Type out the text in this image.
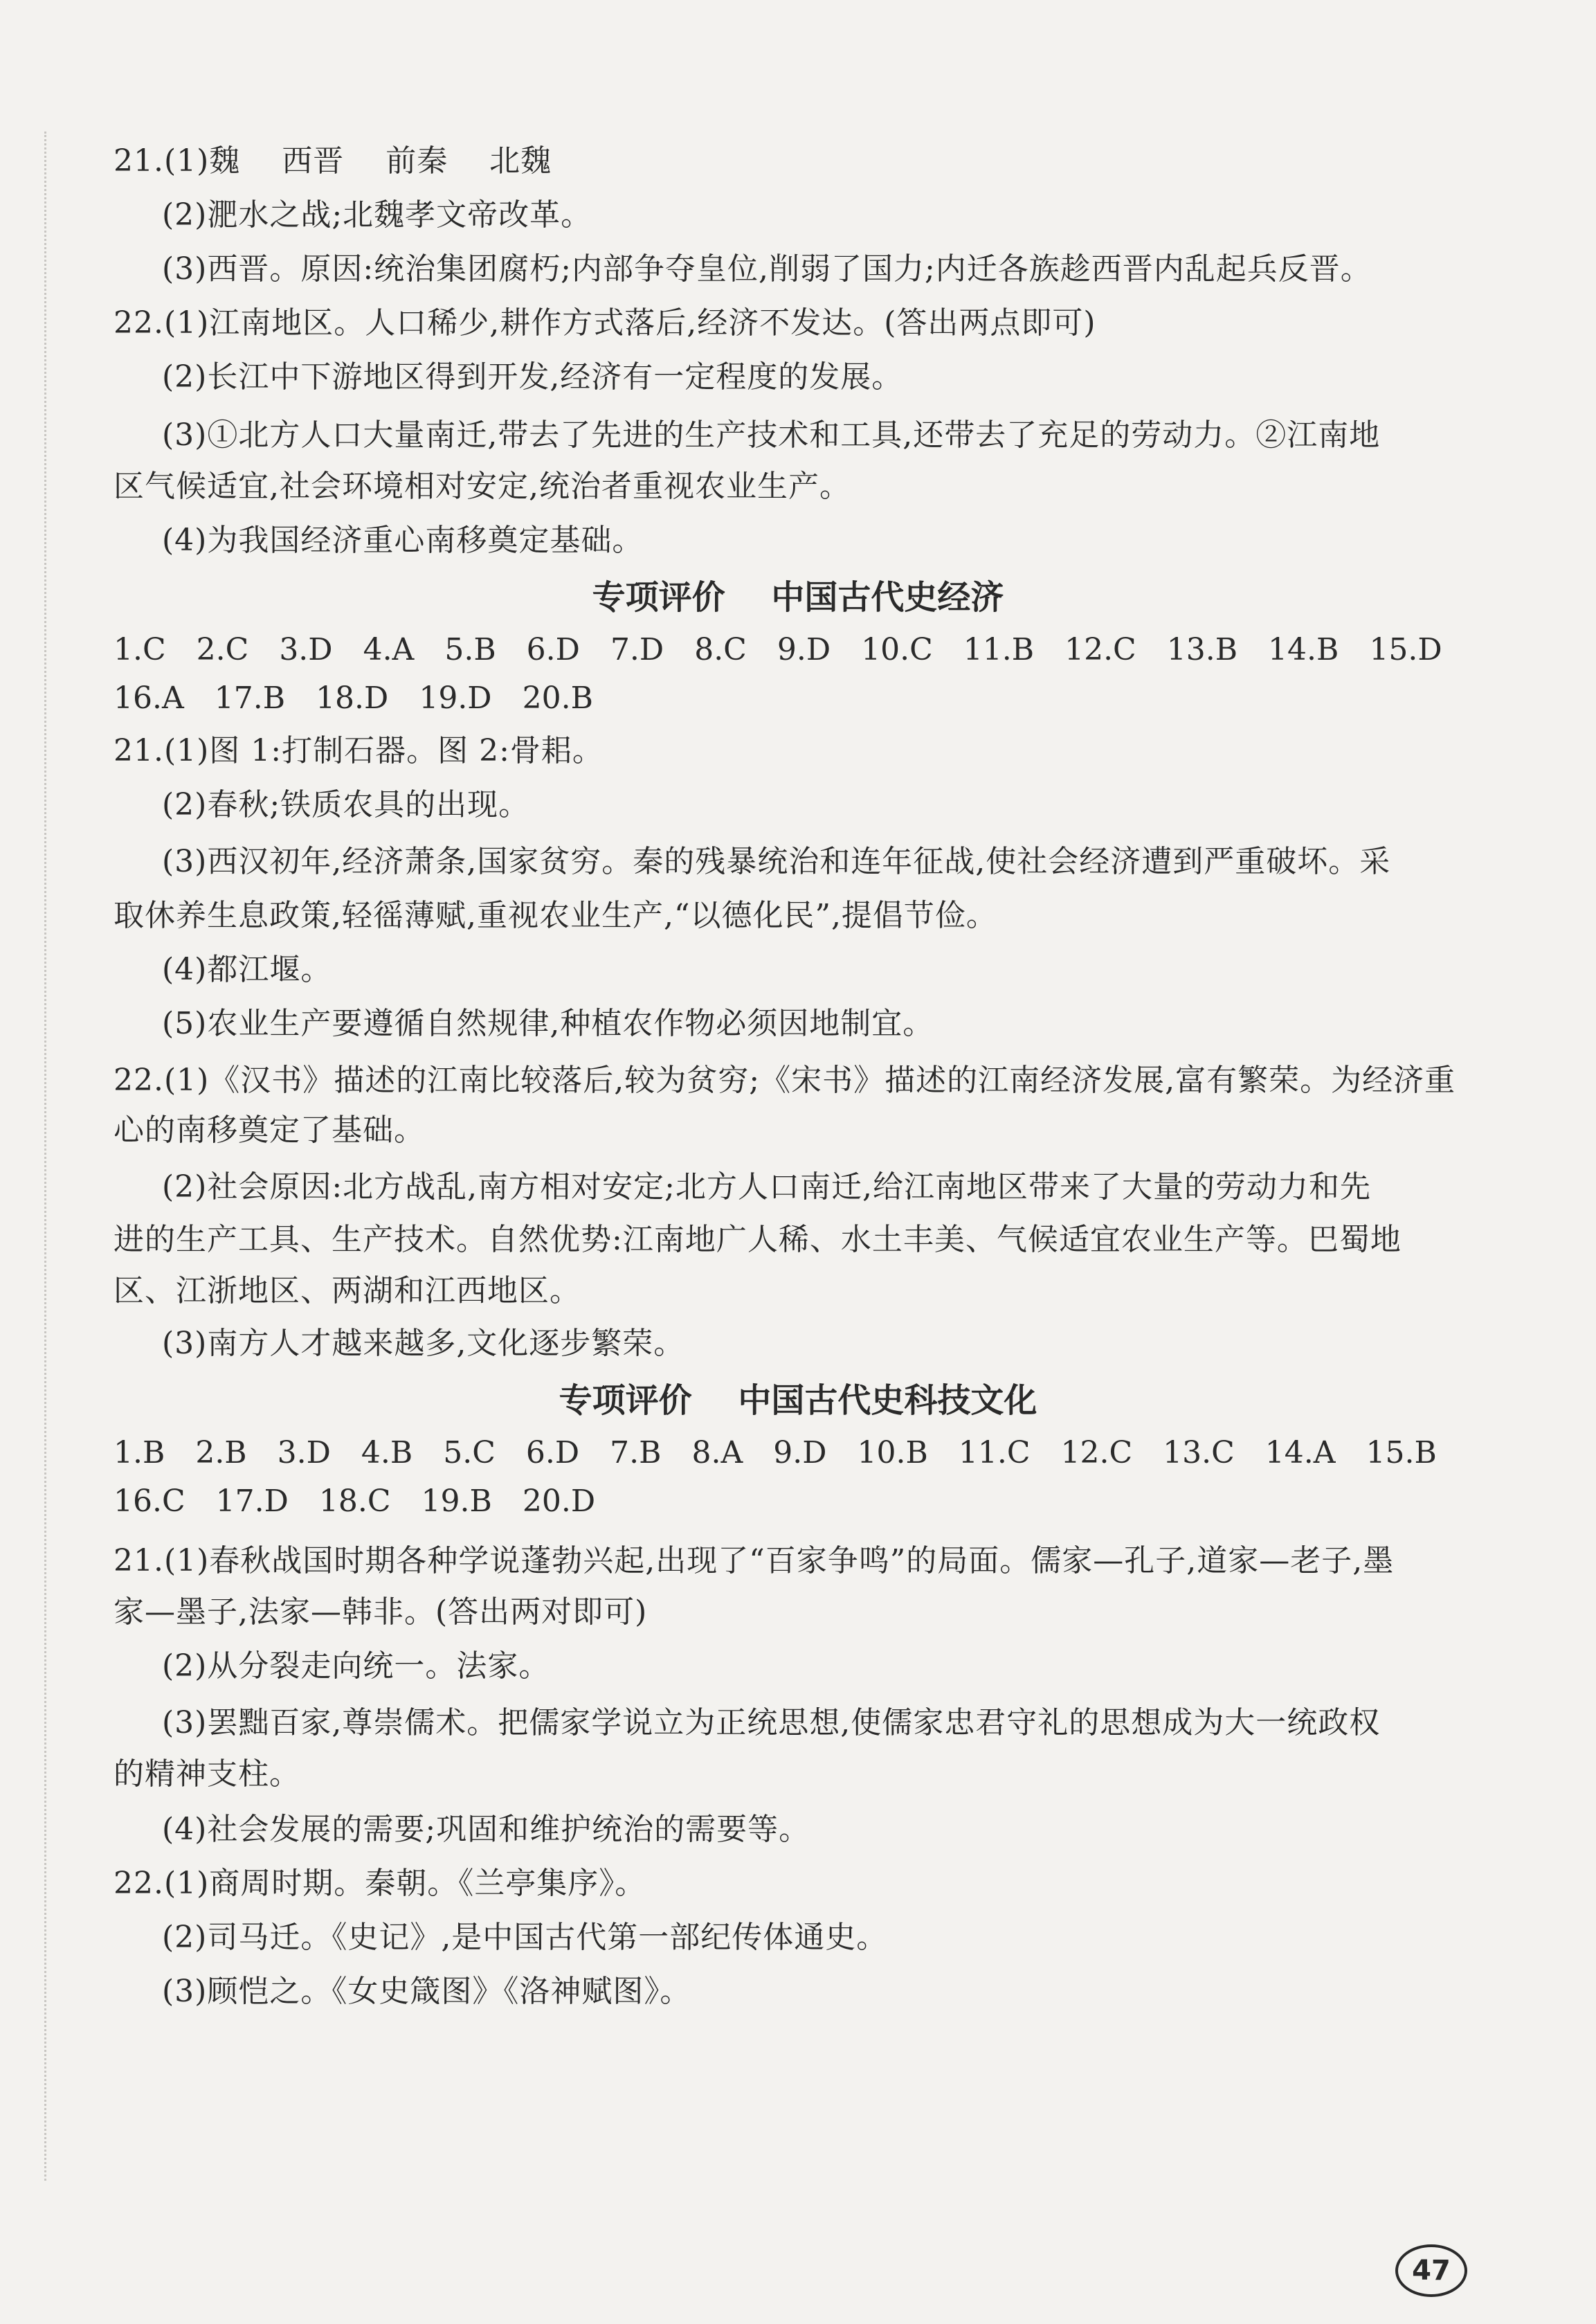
21.(1)魏    西晋    前秦    北魏
(2)淝水之战;北魏孝文帝改革。
(3)西晋。原因:统治集团腐朽;内部争夺皇位,削弱了国力;内迁各族趁西晋内乱起兵反晋。
22.(1)江南地区。人口稀少,耕作方式落后,经济不发达。(答出两点即可)
(2)长江中下游地区得到开发,经济有一定程度的发展。
(3)①北方人口大量南迁,带去了先进的生产技术和工具,还带去了充足的劳动力。②江南地
区气候适宜,社会环境相对安定,统治者重视农业生产。
(4)为我国经济重心南移奠定基础。
专项评价    中国古代史经济
1.C 2.C 3.D 4.A 5.B 6.D 7.D 8.C 9.D 10.C 11.B 12.C 13.B 14.B 15.D
16.A 17.B 18.D 19.D 20.B
21.(1)图 1:打制石器。图 2:骨耜。
(2)春秋;铁质农具的出现。
(3)西汉初年,经济萧条,国家贫穷。秦的残暴统治和连年征战,使社会经济遭到严重破坏。采
取休养生息政策,轻徭薄赋,重视农业生产,“以德化民”,提倡节俭。
(4)都江堰。
(5)农业生产要遵循自然规律,种植农作物必须因地制宜。
22.(1)《汉书》描述的江南比较落后,较为贫穷;《宋书》描述的江南经济发展,富有繁荣。为经济重
心的南移奠定了基础。
(2)社会原因:北方战乱,南方相对安定;北方人口南迁,给江南地区带来了大量的劳动力和先
进的生产工具、生产技术。自然优势:江南地广人稀、水土丰美、气候适宜农业生产等。巴蜀地
区、江浙地区、两湖和江西地区。
(3)南方人才越来越多,文化逐步繁荣。
专项评价    中国古代史科技文化
1.B 2.B 3.D 4.B 5.C 6.D 7.B 8.A 9.D 10.B 11.C 12.C 13.C 14.A 15.B
16.C 17.D 18.C 19.B 20.D
21.(1)春秋战国时期各种学说蓬勃兴起,出现了“百家争鸣”的局面。儒家—孔子,道家—老子,墨
家—墨子,法家—韩非。(答出两对即可)
(2)从分裂走向统一。法家。
(3)罢黜百家,尊崇儒术。把儒家学说立为正统思想,使儒家忠君守礼的思想成为大一统政权
的精神支柱。
(4)社会发展的需要;巩固和维护统治的需要等。
22.(1)商周时期。秦朝。《兰亭集序》。
(2)司马迁。《史记》,是中国古代第一部纪传体通史。
(3)顾恺之。《女史箴图》《洛神赋图》。
47
